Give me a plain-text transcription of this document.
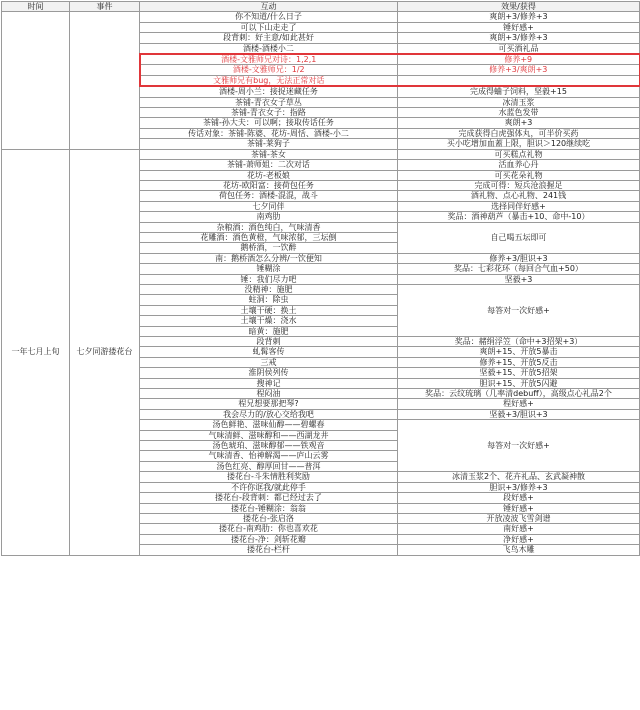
时间	事件	互动	效果/获得
		你不知道/什么日子	爽朗+3/修养+3
		可以下山走走了	锤好感+
		段背刺：好主意/如此甚好	爽朗+3/修养+3
		酒楼-酒楼小二	可买酒礼品
		酒楼-文雅师兄对诗：1,2,1	修养+9
		酒楼-文雅师兄：1/2	修养+3/爽朗+3
		文雅师兄有bug，无法正常对话	
		酒楼-周小兰：接捉迷藏任务	完成得蛐子饲料，坚毅+15
		茶铺-青衣女子草丛	冰清玉浆
		茶铺-青衣女子：指路	水蓝色发带
		茶铺-孙大夫：可以啊；接取传话任务	爽朗+3
		传话对象：茶铺-陈婆、花坊-周恬、酒楼-小二	完成获得白虎强体丸，可半价买药
		茶铺-莱狗子	买小吃增加血蓋上限，胆识＞120继续吃
一年七月上旬	七夕同游搂花台	茶铺-茶女	可买糕点礼物
		茶铺-萧师姐：二次对话	活血养心丹
		花坊-老板娘	可买花朵礼物
		花坊-欧阳富：接荷包任务	完成可得：短兵沧浪握足
		荷包任务：酒楼-混混，战斗	酒礼物、点心礼物、241钱
		七夕同伴	选择同伴好感+
		南鸡肋	奖品：酒神葫芦（暴击+10、命中-10）
		杂粮酒：酒色纯白，气味清香	自己喝五坛即可
		花雕酒：酒色黄橙，气味浓郁，三坛倒	
		鹅桥酒，一饮醉	
		南：鹅桥酒怎么分辨/一饮便知	修养+3/胆识+3
		锤糊涂	奖品：七彩花环（每回合气血+50）
		锤：我们尽力吧	坚毅+3
		没精神：施肥	每答对一次好感+
		蛀洞：除虫	
		土壤干硬：换土	
		土壤干燥：浇水	
		暗黄：施肥	
		段背刺	奖品：赭绢浮笠（命中+3招架+3）
		虬髯客传	爽朗+15、开放5暴击
		三戒	修养+15、开放5反击
		淮阴侯列传	坚毅+15、开放5招架
		搜神记	胆识+15、开放5闪避
		程闷油	奖品：云纹琉璃（几率清debuff），高级点心礼品2个
		程兄想要那把琴?	程好感+
		我会尽力的/放心交给我吧	坚毅+3/胆识+3
		汤色鲜艳、滋味仙醇——碧螺春	每答对一次好感+
		气味清鲜、滋味醇和——西湖龙井	
		汤色琥珀、滋味醇郁——铁观音	
		气味清香、怡神解渴——庐山云雾	
		汤色红亮、醇厚回甘——普洱	
		搂花台-斗朱情胜利奖励	冰清玉浆2个、花卉礼品、玄武凝神散
		不许你诓我/就此停手	胆识+3/修养+3
		搂花台-段背刺：都已经过去了	段好感+
		搂花台-锤糊涂：翁翁	锤好感+
		搂花台-张启洛	开放凌波飞雪剑谱
		搂花台-南鸡肋：你也喜欢花	南好感+
		搂花台-净：剑斩花瓣	净好感+
		搂花台-栏杆	飞鸟木雕
